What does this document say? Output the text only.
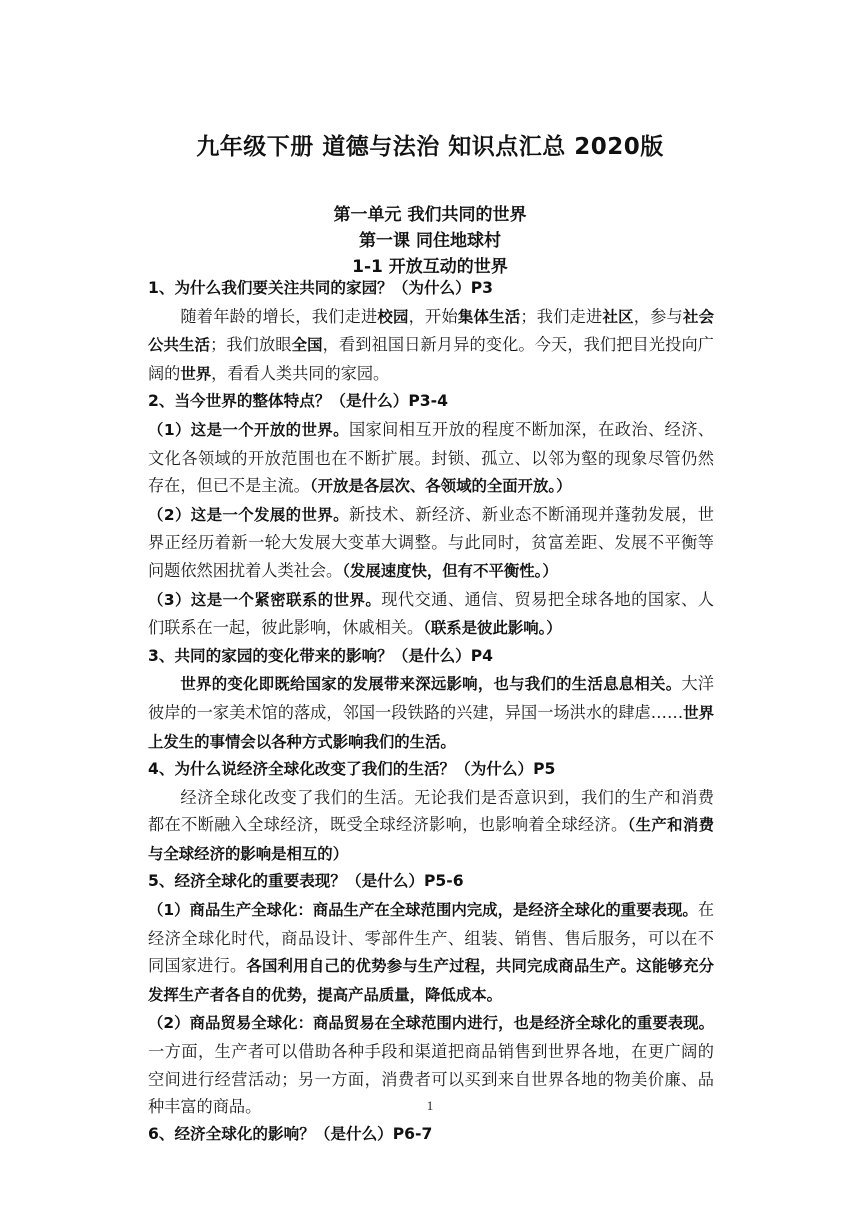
九年级下册 道德与法治 知识点汇总 2020版
第一单元 我们共同的世界
第一课 同住地球村
1-1 开放互动的世界

1、为什么我们要关注共同的家园？（为什么）P3

随着年龄的增长，我们走进校园，开始集体生活；我们走进社区，参与社会公共生活；我们放眼全国，看到祖国日新月异的变化。今天，我们把目光投向广阔的世界，看看人类共同的家园。

2、当今世界的整体特点？（是什么）P3-4

（1）这是一个开放的世界。国家间相互开放的程度不断加深，在政治、经济、文化各领域的开放范围也在不断扩展。封锁、孤立、以邻为壑的现象尽管仍然存在，但已不是主流。（开放是各层次、各领域的全面开放。）

（2）这是一个发展的世界。新技术、新经济、新业态不断涌现并蓬勃发展，世界正经历着新一轮大发展大变革大调整。与此同时，贫富差距、发展不平衡等问题依然困扰着人类社会。（发展速度快，但有不平衡性。）

（3）这是一个紧密联系的世界。现代交通、通信、贸易把全球各地的国家、人们联系在一起，彼此影响，休戚相关。（联系是彼此影响。）

3、共同的家园的变化带来的影响？（是什么）P4

世界的变化即既给国家的发展带来深远影响，也与我们的生活息息相关。大洋彼岸的一家美术馆的落成，邻国一段铁路的兴建，异国一场洪水的肆虐……世界上发生的事情会以各种方式影响我们的生活。

4、为什么说经济全球化改变了我们的生活？（为什么）P5

经济全球化改变了我们的生活。无论我们是否意识到，我们的生产和消费都在不断融入全球经济，既受全球经济影响，也影响着全球经济。（生产和消费与全球经济的影响是相互的）

5、经济全球化的重要表现？（是什么）P5-6

（1）商品生产全球化：商品生产在全球范围内完成，是经济全球化的重要表现。在经济全球化时代，商品设计、零部件生产、组装、销售、售后服务，可以在不同国家进行。各国利用自己的优势参与生产过程，共同完成商品生产。这能够充分发挥生产者各自的优势，提高产品质量，降低成本。

（2）商品贸易全球化：商品贸易在全球范围内进行，也是经济全球化的重要表现。一方面，生产者可以借助各种手段和渠道把商品销售到世界各地，在更广阔的空间进行经营活动；另一方面，消费者可以买到来自世界各地的物美价廉、品种丰富的商品。

6、经济全球化的影响？（是什么）P6-7

1
